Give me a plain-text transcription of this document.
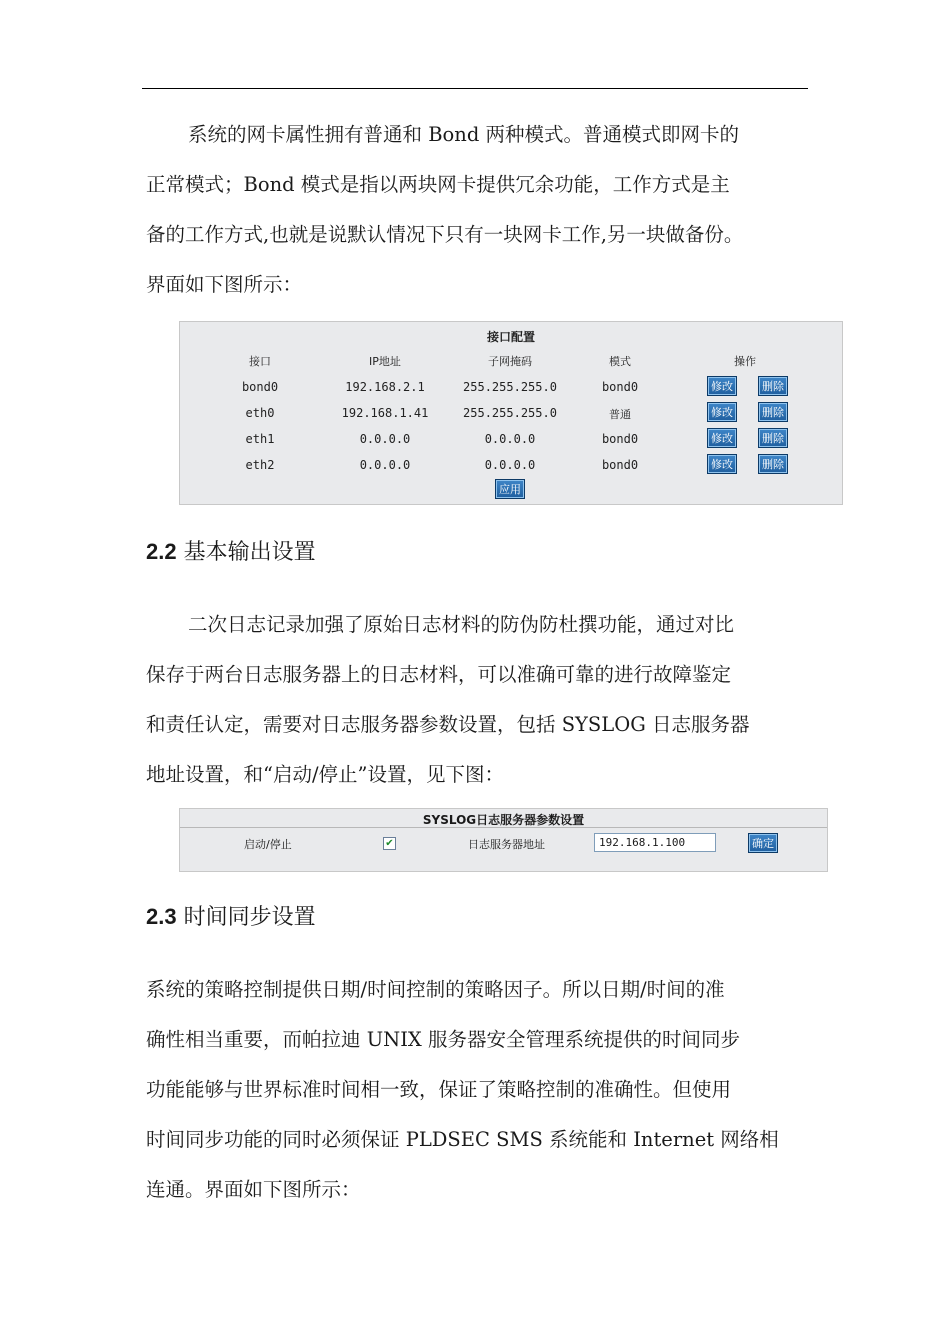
系统的网卡属性拥有普通和 Bond 两种模式。普通模式即网卡的
正常模式；Bond 模式是指以两块网卡提供冗余功能，工作方式是主
备的工作方式,也就是说默认情况下只有一块网卡工作,另一块做备份。
界面如下图所示：

接口配置
接口	IP地址	子网掩码	模式	操作
bond0	192.168.2.1	255.255.255.0	bond0	修改	删除
eth0	192.168.1.41	255.255.255.0	普通	修改	删除
eth1	0.0.0.0	0.0.0.0	bond0	修改	删除
eth2	0.0.0.0	0.0.0.0	bond0	修改	删除
应用
2.2 基本输出设置

二次日志记录加强了原始日志材料的防伪防杜撰功能，通过对比
保存于两台日志服务器上的日志材料，可以准确可靠的进行故障鉴定
和责任认定，需要对日志服务器参数设置，包括 SYSLOG 日志服务器
地址设置，和“启动/停止”设置，见下图：

SYSLOG日志服务器参数设置
启动/停止	✔	日志服务器地址	192.168.1.100	确定
2.3 时间同步设置

系统的策略控制提供日期/时间控制的策略因子。所以日期/时间的准
确性相当重要，而帕拉迪 UNIX 服务器安全管理系统提供的时间同步
功能能够与世界标准时间相一致，保证了策略控制的准确性。但使用
时间同步功能的同时必须保证 PLDSEC SMS 系统能和 Internet 网络相
连通。界面如下图所示：
